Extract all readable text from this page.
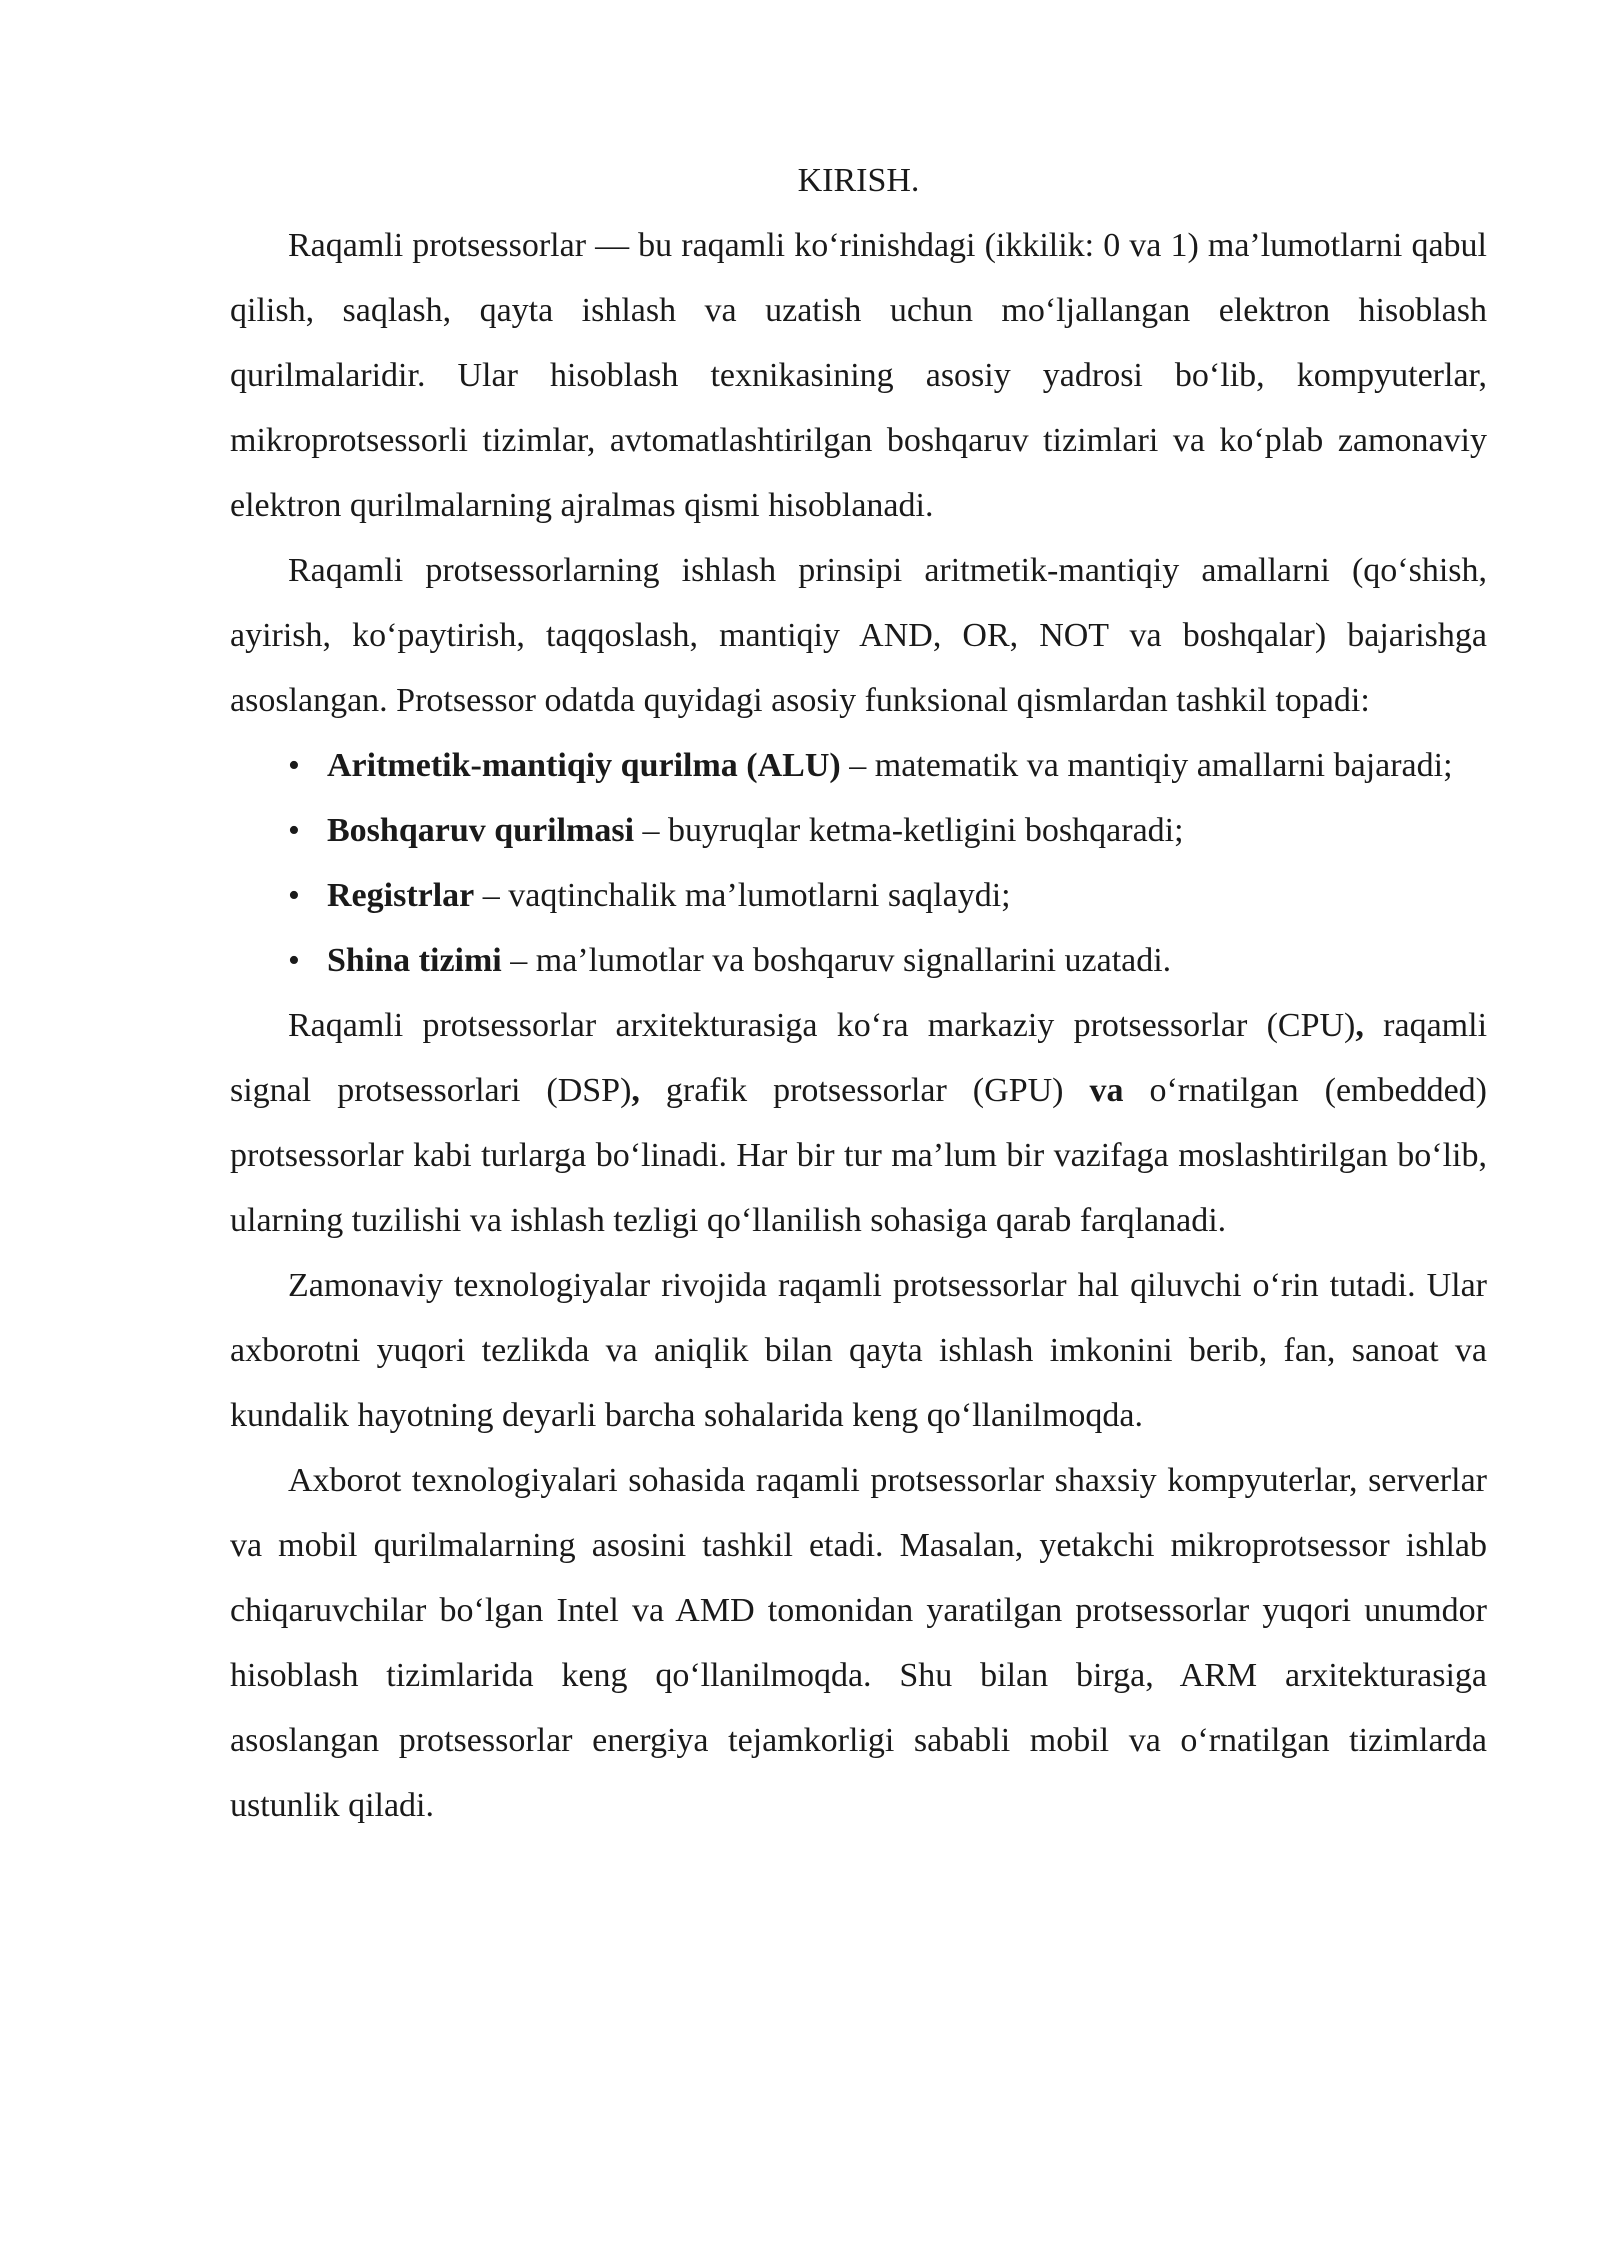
KIRISH.

Raqamli protsessorlar — bu raqamli ko‘rinishdagi (ikkilik: 0 va 1) ma’lumotlarni qabul qilish, saqlash, qayta ishlash va uzatish uchun mo‘ljallangan elektron hisoblash qurilmalaridir. Ular hisoblash texnikasining asosiy yadrosi bo‘lib, kompyuterlar, mikroprotsessorli tizimlar, avtomatlashtirilgan boshqaruv tizimlari va ko‘plab zamonaviy elektron qurilmalarning ajralmas qismi hisoblanadi.

Raqamli protsessorlarning ishlash prinsipi aritmetik-mantiqiy amallarni (qo‘shish, ayirish, ko‘paytirish, taqqoslash, mantiqiy AND, OR, NOT va boshqalar) bajarishga asoslangan. Protsessor odatda quyidagi asosiy funksional qismlardan tashkil topadi:

• Aritmetik-mantiqiy qurilma (ALU) – matematik va mantiqiy amallarni bajaradi;

• Boshqaruv qurilmasi – buyruqlar ketma-ketligini boshqaradi;

• Registrlar – vaqtinchalik ma’lumotlarni saqlaydi;

• Shina tizimi – ma’lumotlar va boshqaruv signallarini uzatadi.

Raqamli protsessorlar arxitekturasiga ko‘ra markaziy protsessorlar (CPU), raqamli signal protsessorlari (DSP), grafik protsessorlar (GPU) va o‘rnatilgan (embedded) protsessorlar kabi turlarga bo‘linadi. Har bir tur ma’lum bir vazifaga moslashtirilgan bo‘lib, ularning tuzilishi va ishlash tezligi qo‘llanilish sohasiga qarab farqlanadi.

Zamonaviy texnologiyalar rivojida raqamli protsessorlar hal qiluvchi o‘rin tutadi. Ular axborotni yuqori tezlikda va aniqlik bilan qayta ishlash imkonini berib, fan, sanoat va kundalik hayotning deyarli barcha sohalarida keng qo‘llanilmoqda.

Axborot texnologiyalari sohasida raqamli protsessorlar shaxsiy kompyuterlar, serverlar va mobil qurilmalarning asosini tashkil etadi. Masalan, yetakchi mikroprotsessor ishlab chiqaruvchilar bo‘lgan Intel va AMD tomonidan yaratilgan protsessorlar yuqori unumdor hisoblash tizimlarida keng qo‘llanilmoqda. Shu bilan birga, ARM arxitekturasiga asoslangan protsessorlar energiya tejamkorligi sababli mobil va o‘rnatilgan tizimlarda ustunlik qiladi.
